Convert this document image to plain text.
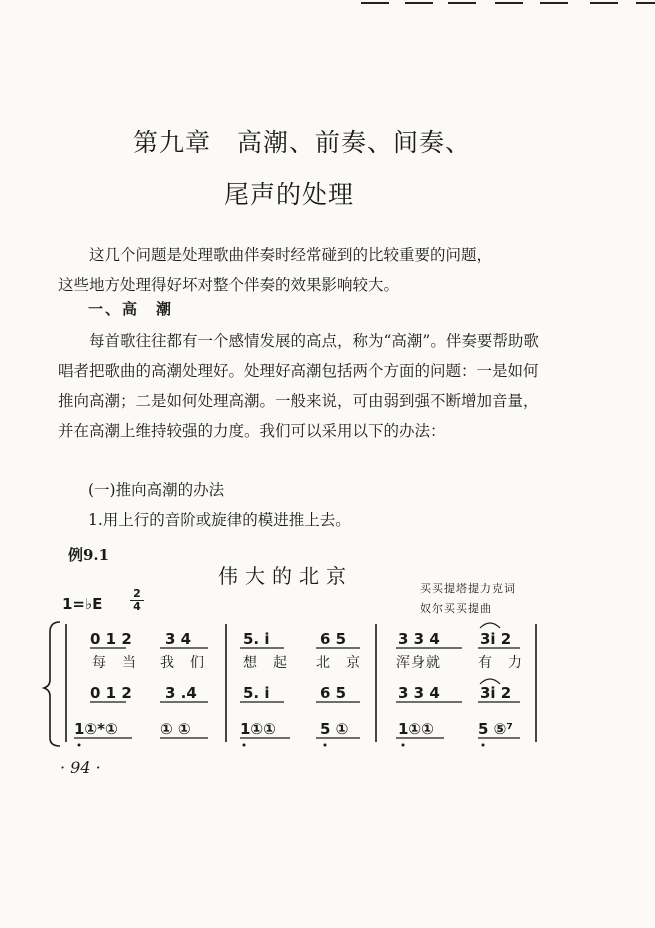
第九章　高潮、前奏、间奏、
尾声的处理
这几个问题是处理歌曲伴奏时经常碰到的比较重要的问题，
这些地方处理得好坏对整个伴奏的效果影响较大。
一、高　潮
每首歌往往都有一个感情发展的高点，称为“高潮”。伴奏要帮助歌唱者把歌曲的高潮处理好。处理好高潮包括两个方面的问题：一是如何推向高潮；二是如何处理高潮。一般来说，可由弱到强不断增加音量，并在高潮上维持较强的力度。我们可以采用以下的办法：
(一)推向高潮的办法
1.用上行的音阶或旋律的模进推上去。
例9.1
伟大的北京
买买提塔提力克词
奴尔买买提曲
1=♭E
2
4
0 1 2 3 4	5. i	6 5	3 3 4	3i 2
每　当 我　们	想　起 北　京	浑身就	有　力
0 1 2 3 .4	5. i	6 5	3 3 4	3i 2
1①*①	① ①	1①①	5 ①	1①①	5 ⑤⁷
· 94 ·
